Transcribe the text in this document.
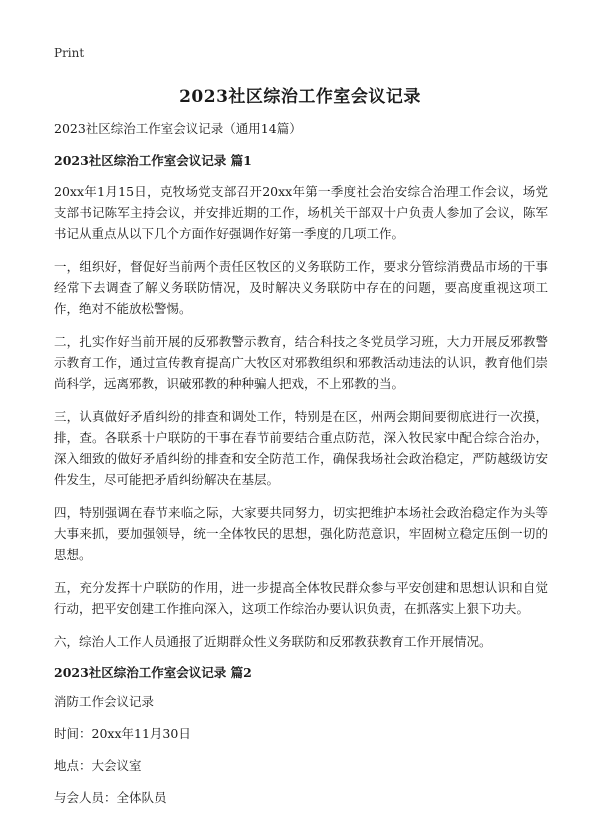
Print
2023社区综治工作室会议记录
2023社区综治工作室会议记录（通用14篇）
2023社区综治工作室会议记录 篇1

20xx年1月15日，克牧场党支部召开20xx年第一季度社会治安综合治理工作会议，场党支部书记陈军主持会议，并安排近期的工作，场机关干部双十户负责人参加了会议，陈军书记从重点从以下几个方面作好强调作好第一季度的几项工作。

一，组织好，督促好当前两个责任区牧区的义务联防工作，要求分管综消费品市场的干事经常下去调查了解义务联防情况，及时解决义务联防中存在的问题，要高度重视这项工作，绝对不能放松警惕。

二，扎实作好当前开展的反邪教警示教育，结合科技之冬党员学习班，大力开展反邪教警示教育工作，通过宣传教育提高广大牧区对邪教组织和邪教活动违法的认识，教育他们崇尚科学，远离邪教，识破邪教的种种骗人把戏，不上邪教的当。

三，认真做好矛盾纠纷的排查和调处工作，特别是在区，州两会期间要彻底进行一次摸，排，查。各联系十户联防的干事在春节前要结合重点防范，深入牧民家中配合综合治办，深入细致的做好矛盾纠纷的排查和安全防范工作，确保我场社会政治稳定，严防越级访安件发生，尽可能把矛盾纠纷解决在基层。

四，特别强调在春节来临之际，大家要共同努力，切实把维护本场社会政治稳定作为头等大事来抓，要加强领导，统一全体牧民的思想，强化防范意识，牢固树立稳定压倒一切的思想。

五，充分发挥十户联防的作用，进一步提高全体牧民群众参与平安创建和思想认识和自觉行动，把平安创建工作推向深入，这项工作综治办要认识负责，在抓落实上狠下功夫。

六，综治人工作人员通报了近期群众性义务联防和反邪教获教育工作开展情况。

2023社区综治工作室会议记录 篇2
消防工作会议记录
时间：20xx年11月30日
地点：大会议室
与会人员：全体队员
